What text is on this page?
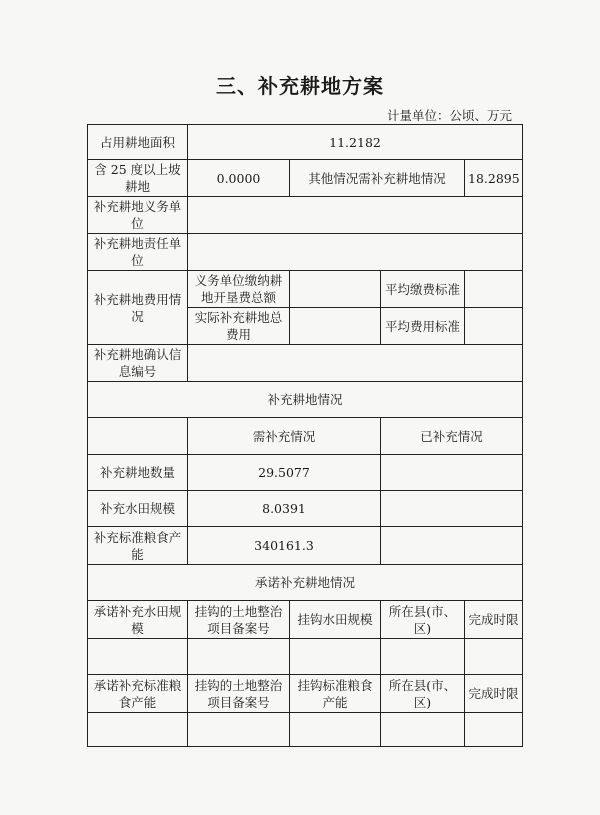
三、补充耕地方案
计量单位：公顷、万元
占用耕地面积	11.2182			
含 25 度以上坡耕地	0.0000	其他情况需补充耕地情况		18.2895
补充耕地义务单位				
补充耕地责任单位				
补充耕地费用情况	义务单位缴纳耕地开垦费总额		平均缴费标准	
	实际补充耕地总费用		平均费用标准	
补充耕地确认信息编号				
补充耕地情况				
	需补充情况		已补充情况	
补充耕地数量	29.5077			
补充水田规模	8.0391			
补充标准粮食产能	340161.3			
承诺补充耕地情况				
承诺补充水田规模	挂钩的土地整治项目备案号	挂钩水田规模	所在县(市、区)	完成时限

承诺补充标准粮食产能	挂钩的土地整治项目备案号	挂钩标准粮食产能	所在县(市、区)	完成时限
